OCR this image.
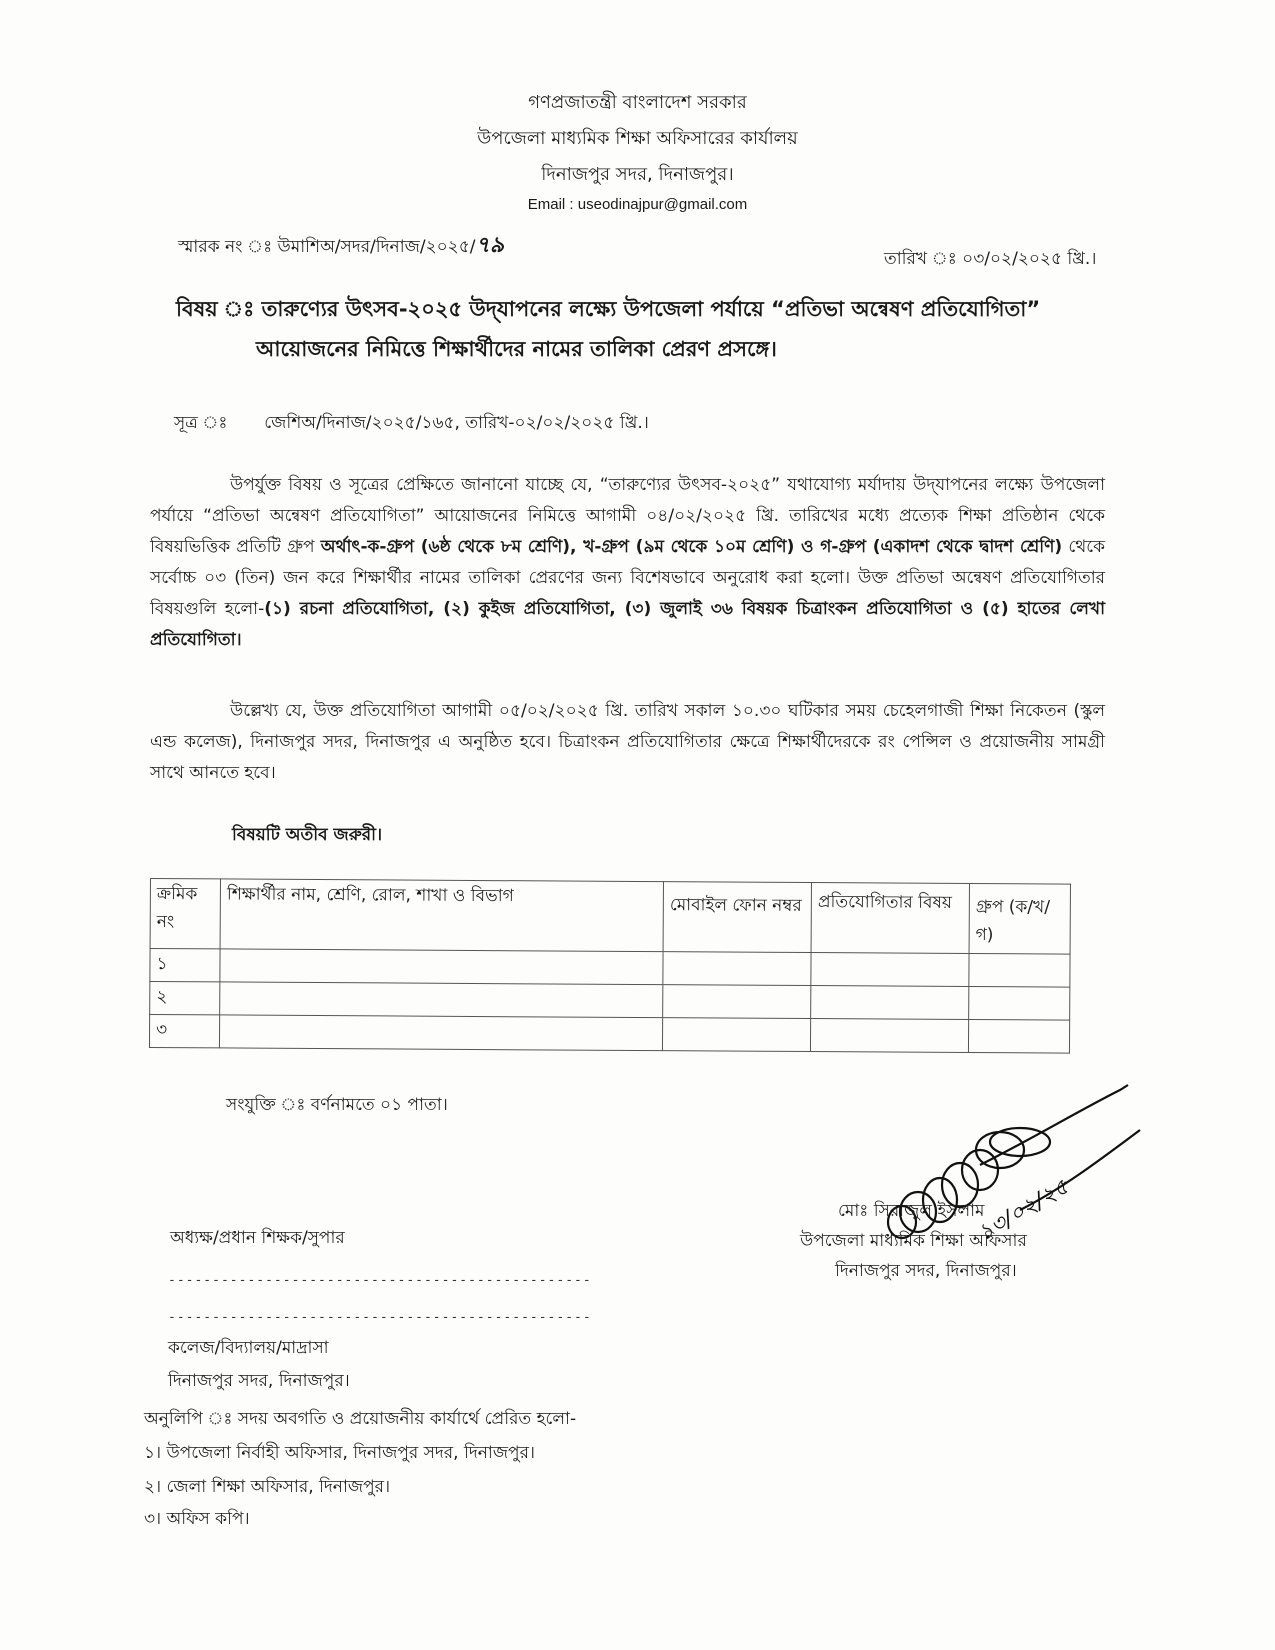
গণপ্রজাতন্ত্রী বাংলাদেশ সরকার
উপজেলা মাধ্যমিক শিক্ষা অফিসারের কার্যালয়
দিনাজপুর সদর, দিনাজপুর।
Email : useodinajpur@gmail.com
স্মারক নং ঃ উমাশিঅ/সদর/দিনাজ/২০২৫/৭৯
তারিখ ঃ ০৩/০২/২০২৫ খ্রি.।
বিষয় ঃ তারুণ্যের উৎসব-২০২৫ উদ্‌যাপনের লক্ষ্যে উপজেলা পর্যায়ে “প্রতিভা অন্বেষণ প্রতিযোগিতা”
আয়োজনের নিমিত্তে শিক্ষার্থীদের নামের তালিকা প্রেরণ প্রসঙ্গে।
সূত্র ঃ জেশিঅ/দিনাজ/২০২৫/১৬৫, তারিখ-০২/০২/২০২৫ খ্রি.।
উপর্যুক্ত বিষয় ও সূত্রের প্রেক্ষিতে জানানো যাচ্ছে যে, “তারুণ্যের উৎসব-২০২৫” যথাযোগ্য মর্যাদায় উদ্‌যাপনের লক্ষ্যে উপজেলা পর্যায়ে “প্রতিভা অন্বেষণ প্রতিযোগিতা” আয়োজনের নিমিত্তে আগামী ০৪/০২/২০২৫ খ্রি. তারিখের মধ্যে প্রত্যেক শিক্ষা প্রতিষ্ঠান থেকে বিষয়ভিত্তিক প্রতিটি গ্রুপ অর্থাৎ-ক-গ্রুপ (৬ষ্ঠ থেকে ৮ম শ্রেণি), খ-গ্রুপ (৯ম থেকে ১০ম শ্রেণি) ও গ-গ্রুপ (একাদশ থেকে দ্বাদশ শ্রেণি) থেকে সর্বোচ্চ ০৩ (তিন) জন করে শিক্ষার্থীর নামের তালিকা প্রেরণের জন্য বিশেষভাবে অনুরোধ করা হলো। উক্ত প্রতিভা অন্বেষণ প্রতিযোগিতার বিষয়গুলি হলো-(১) রচনা প্রতিযোগিতা, (২) কুইজ প্রতিযোগিতা, (৩) জুলাই ৩৬ বিষয়ক চিত্রাংকন প্রতিযোগিতা ও (৫) হাতের লেখা প্রতিযোগিতা।
উল্লেখ্য যে, উক্ত প্রতিযোগিতা আগামী ০৫/০২/২০২৫ খ্রি. তারিখ সকাল ১০.৩০ ঘটিকার সময় চেহেলগাজী শিক্ষা নিকেতন (স্কুল এন্ড কলেজ), দিনাজপুর সদর, দিনাজপুর এ অনুষ্ঠিত হবে। চিত্রাংকন প্রতিযোগিতার ক্ষেত্রে শিক্ষার্থীদেরকে রং পেন্সিল ও প্রয়োজনীয় সামগ্রী সাথে আনতে হবে।
বিষয়টি অতীব জরুরী।
ক্রমিক নং	শিক্ষার্থীর নাম, শ্রেণি, রোল, শাখা ও বিভাগ	মোবাইল ফোন নম্বর	প্রতিযোগিতার বিষয়	গ্রুপ (ক/খ/গ)
১				
২				
৩				
সংযুক্তি ঃ বর্ণনামতে ০১ পাতা।
১৩/০২/২৫
মোঃ সিরাজুল ইসলাম
উপজেলা মাধ্যমিক শিক্ষা অফিসার
দিনাজপুর সদর, দিনাজপুর।
অধ্যক্ষ/প্রধান শিক্ষক/সুপার
------------------------------------------------
------------------------------------------------
কলেজ/বিদ্যালয়/মাদ্রাসা
দিনাজপুর সদর, দিনাজপুর।
অনুলিপি ঃ সদয় অবগতি ও প্রয়োজনীয় কার্যার্থে প্রেরিত হলো-
১। উপজেলা নির্বাহী অফিসার, দিনাজপুর সদর, দিনাজপুর।
২। জেলা শিক্ষা অফিসার, দিনাজপুর।
৩। অফিস কপি।
